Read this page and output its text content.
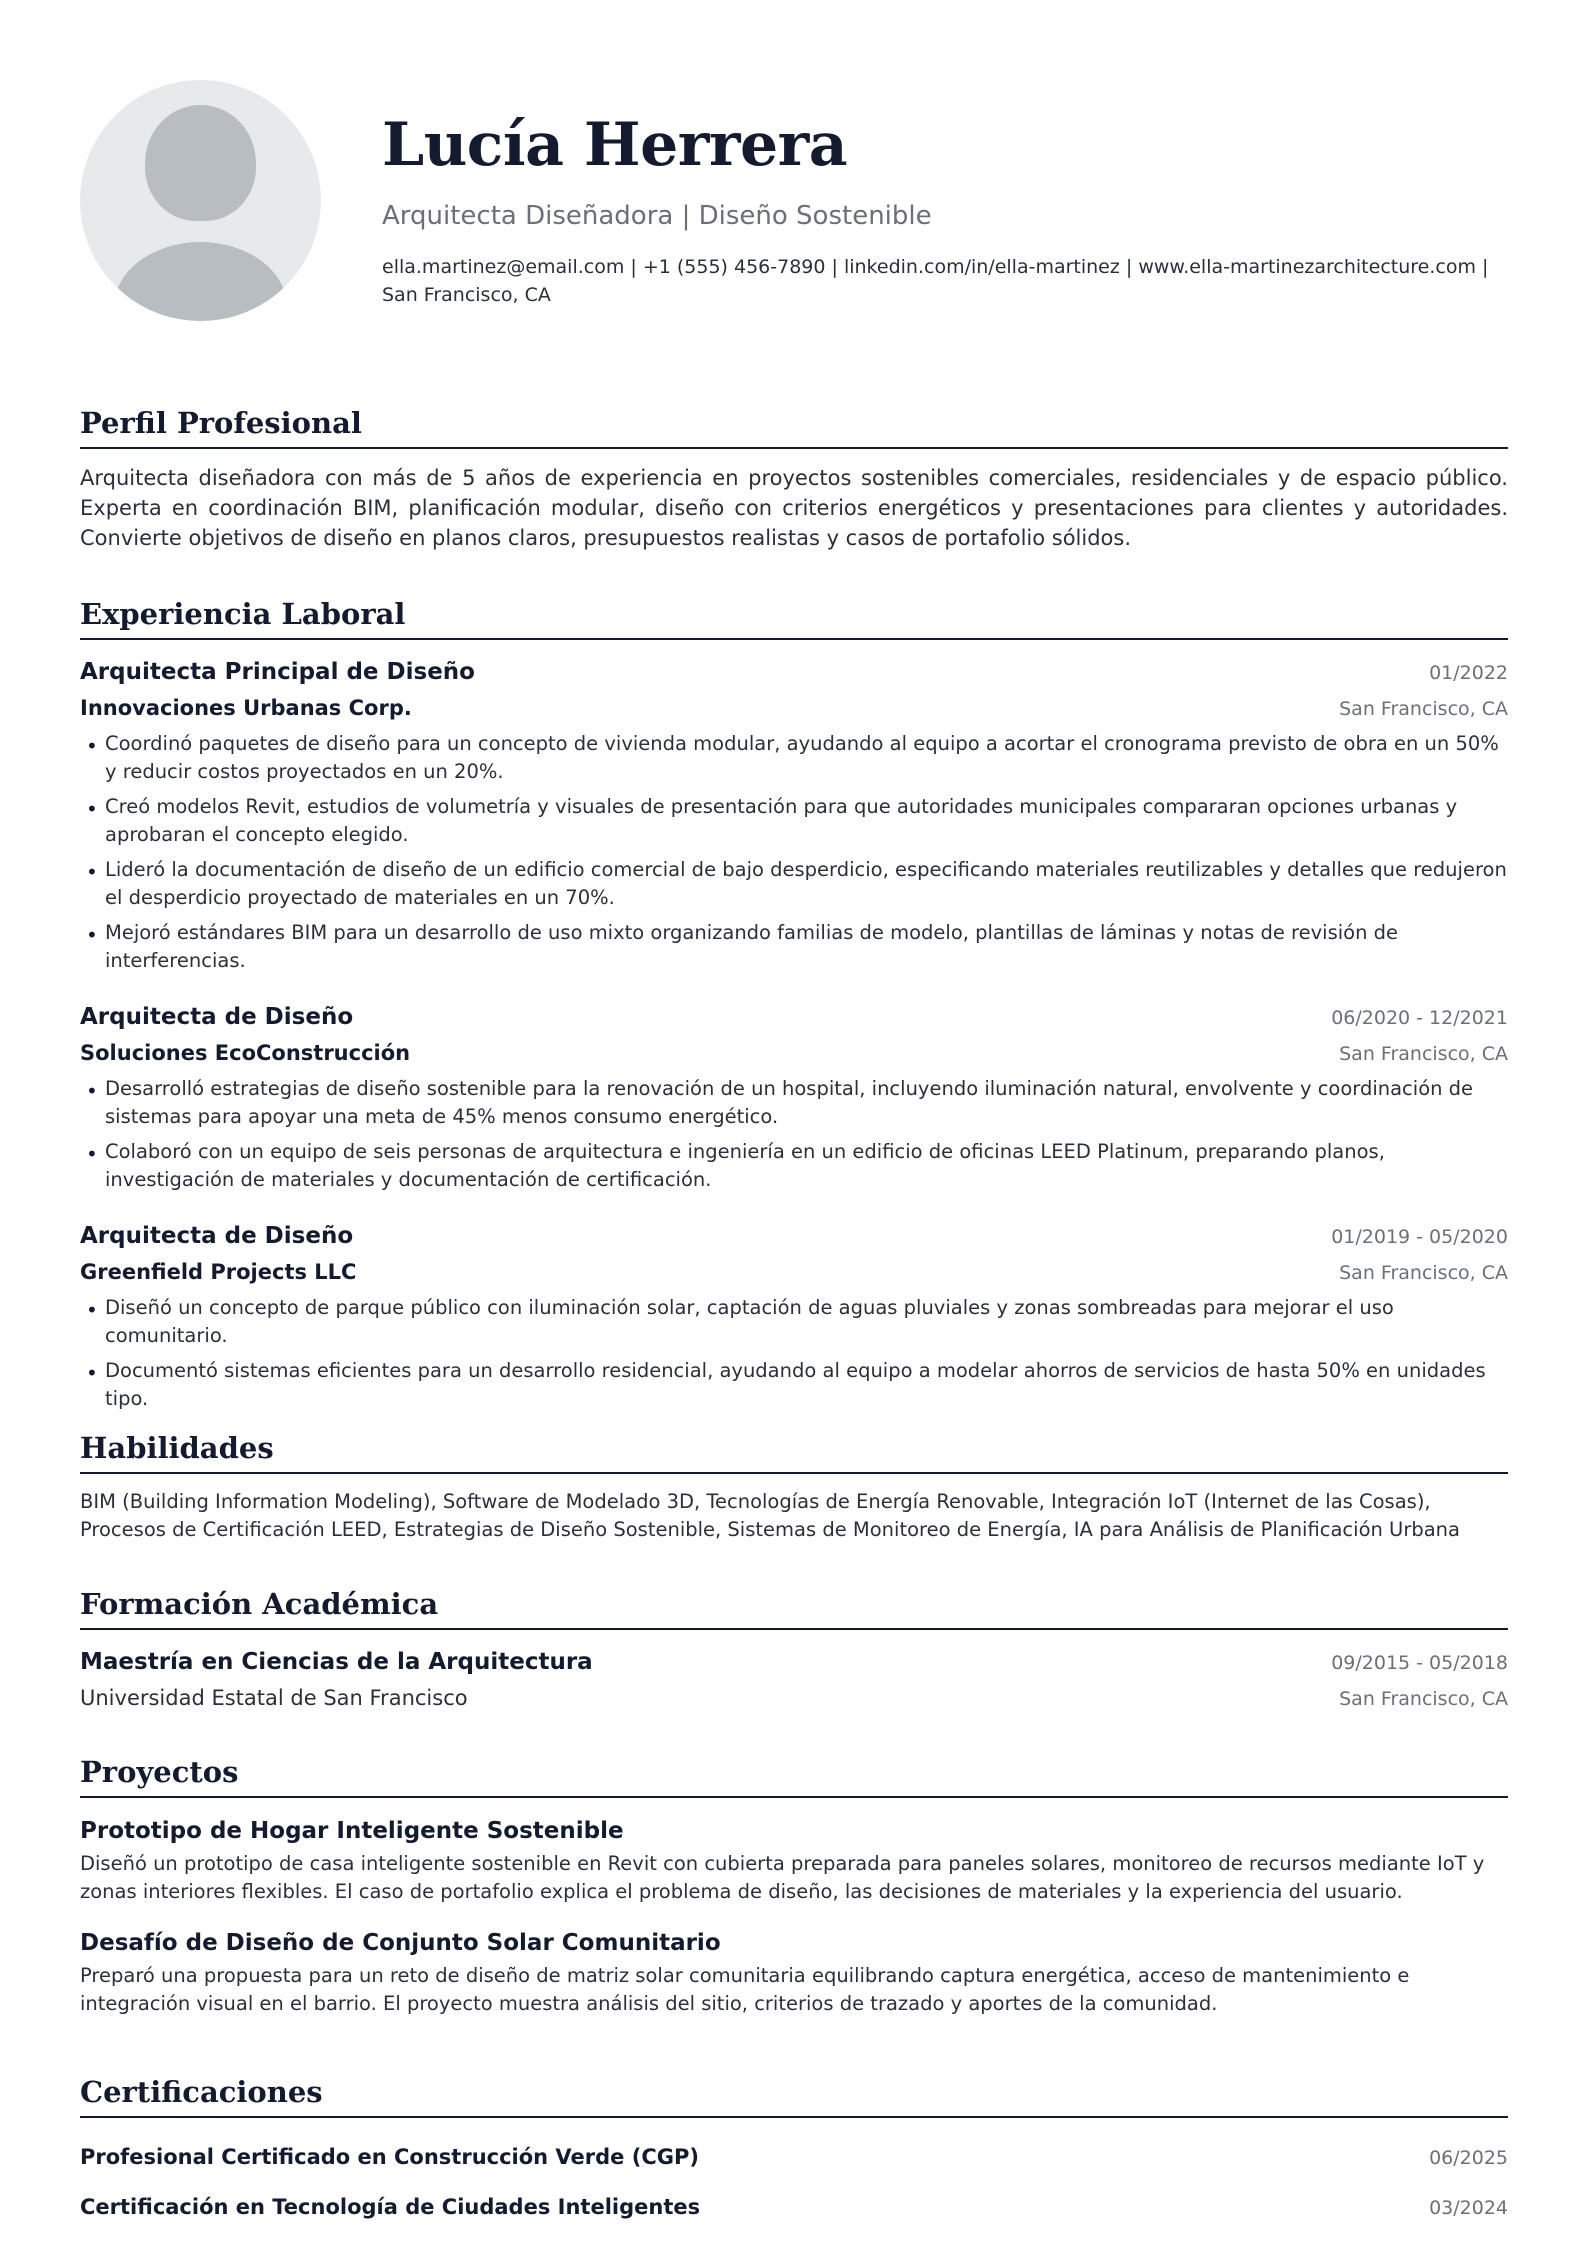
Lucía Herrera
Arquitecta Diseñadora | Diseño Sostenible
ella.martinez@email.com | +1 (555) 456-7890 | linkedin.com/in/ella-martinez | www.ella-martinezarchitecture.com | San Francisco, CA
Perfil Profesional
Arquitecta diseñadora con más de 5 años de experiencia en proyectos sostenibles comerciales, residenciales y de espacio público. Experta en coordinación BIM, planificación modular, diseño con criterios energéticos y presentaciones para clientes y autoridades. Convierte objetivos de diseño en planos claros, presupuestos realistas y casos de portafolio sólidos.
Experiencia Laboral
Arquitecta Principal de Diseño	01/2022
Innovaciones Urbanas Corp.	San Francisco, CA
• Coordinó paquetes de diseño para un concepto de vivienda modular, ayudando al equipo a acortar el cronograma previsto de obra en un 50% y reducir costos proyectados en un 20%.
• Creó modelos Revit, estudios de volumetría y visuales de presentación para que autoridades municipales compararan opciones urbanas y aprobaran el concepto elegido.
• Lideró la documentación de diseño de un edificio comercial de bajo desperdicio, especificando materiales reutilizables y detalles que redujeron el desperdicio proyectado de materiales en un 70%.
• Mejoró estándares BIM para un desarrollo de uso mixto organizando familias de modelo, plantillas de láminas y notas de revisión de interferencias.
Arquitecta de Diseño	06/2020 - 12/2021
Soluciones EcoConstrucción	San Francisco, CA
• Desarrolló estrategias de diseño sostenible para la renovación de un hospital, incluyendo iluminación natural, envolvente y coordinación de sistemas para apoyar una meta de 45% menos consumo energético.
• Colaboró con un equipo de seis personas de arquitectura e ingeniería en un edificio de oficinas LEED Platinum, preparando planos, investigación de materiales y documentación de certificación.
Arquitecta de Diseño	01/2019 - 05/2020
Greenfield Projects LLC	San Francisco, CA
• Diseñó un concepto de parque público con iluminación solar, captación de aguas pluviales y zonas sombreadas para mejorar el uso comunitario.
• Documentó sistemas eficientes para un desarrollo residencial, ayudando al equipo a modelar ahorros de servicios de hasta 50% en unidades tipo.
Habilidades
BIM (Building Information Modeling), Software de Modelado 3D, Tecnologías de Energía Renovable, Integración IoT (Internet de las Cosas), Procesos de Certificación LEED, Estrategias de Diseño Sostenible, Sistemas de Monitoreo de Energía, IA para Análisis de Planificación Urbana
Formación Académica
Maestría en Ciencias de la Arquitectura	09/2015 - 05/2018
Universidad Estatal de San Francisco	San Francisco, CA
Proyectos
Prototipo de Hogar Inteligente Sostenible
Diseñó un prototipo de casa inteligente sostenible en Revit con cubierta preparada para paneles solares, monitoreo de recursos mediante IoT y zonas interiores flexibles. El caso de portafolio explica el problema de diseño, las decisiones de materiales y la experiencia del usuario.
Desafío de Diseño de Conjunto Solar Comunitario
Preparó una propuesta para un reto de diseño de matriz solar comunitaria equilibrando captura energética, acceso de mantenimiento e integración visual en el barrio. El proyecto muestra análisis del sitio, criterios de trazado y aportes de la comunidad.
Certificaciones
Profesional Certificado en Construcción Verde (CGP)	06/2025
Certificación en Tecnología de Ciudades Inteligentes	03/2024
